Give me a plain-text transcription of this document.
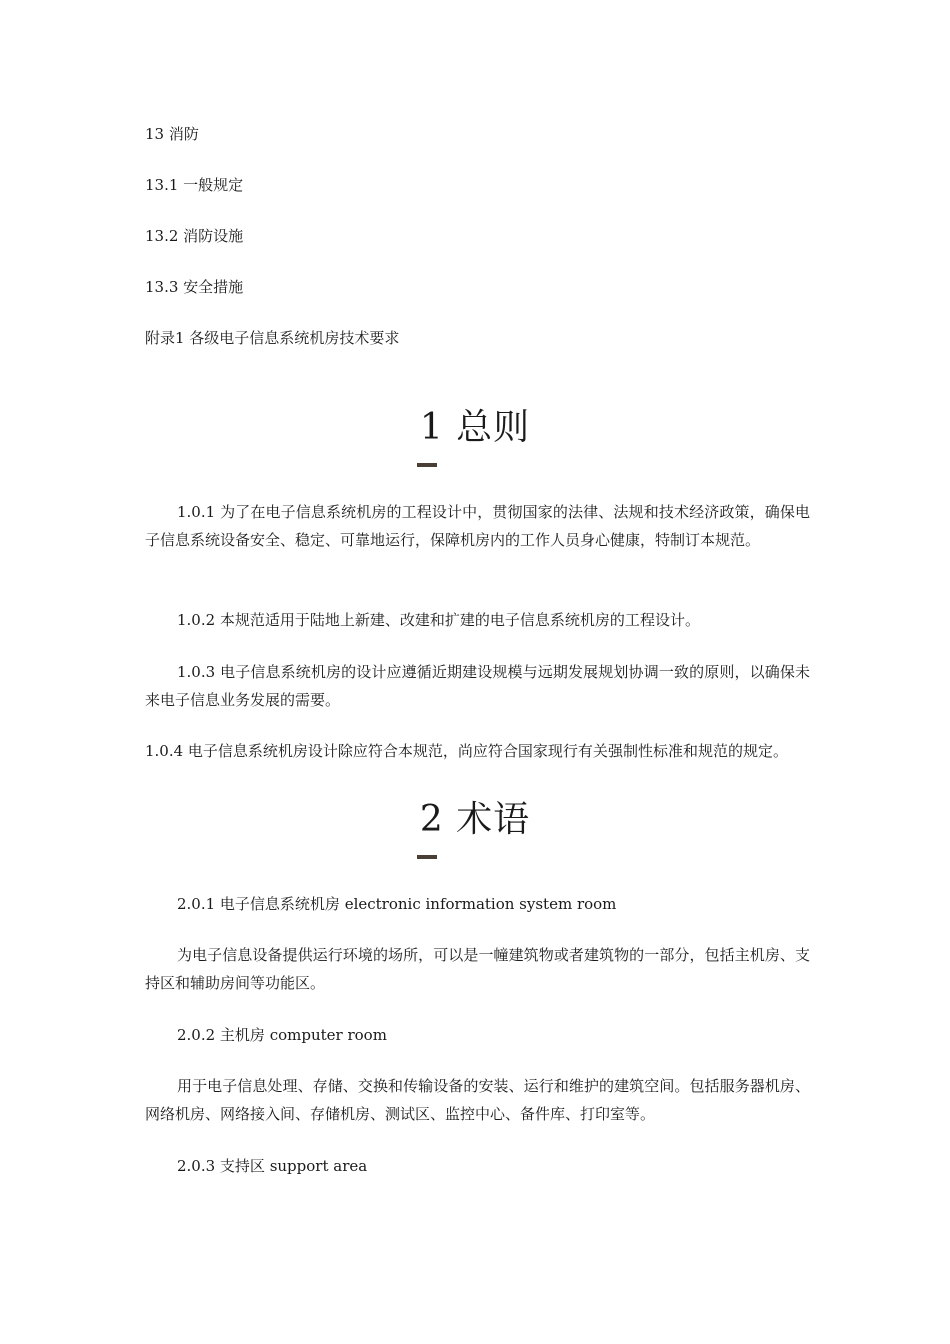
13 消防
13.1 一般规定
13.2 消防设施
13.3 安全措施
附录1 各级电子信息系统机房技术要求
1 总则
1.0.1 为了在电子信息系统机房的工程设计中，贯彻国家的法律、法规和技术经济政策，确保电子信息系统设备安全、稳定、可靠地运行，保障机房内的工作人员身心健康，特制订本规范。
1.0.2 本规范适用于陆地上新建、改建和扩建的电子信息系统机房的工程设计。
1.0.3 电子信息系统机房的设计应遵循近期建设规模与远期发展规划协调一致的原则，以确保未来电子信息业务发展的需要。
1.0.4 电子信息系统机房设计除应符合本规范，尚应符合国家现行有关强制性标准和规范的规定。
2 术语
2.0.1 电子信息系统机房 electronic information system room
为电子信息设备提供运行环境的场所，可以是一幢建筑物或者建筑物的一部分，包括主机房、支持区和辅助房间等功能区。
2.0.2 主机房 computer room
用于电子信息处理、存储、交换和传输设备的安装、运行和维护的建筑空间。包括服务器机房、网络机房、网络接入间、存储机房、测试区、监控中心、备件库、打印室等。
2.0.3 支持区 support area
